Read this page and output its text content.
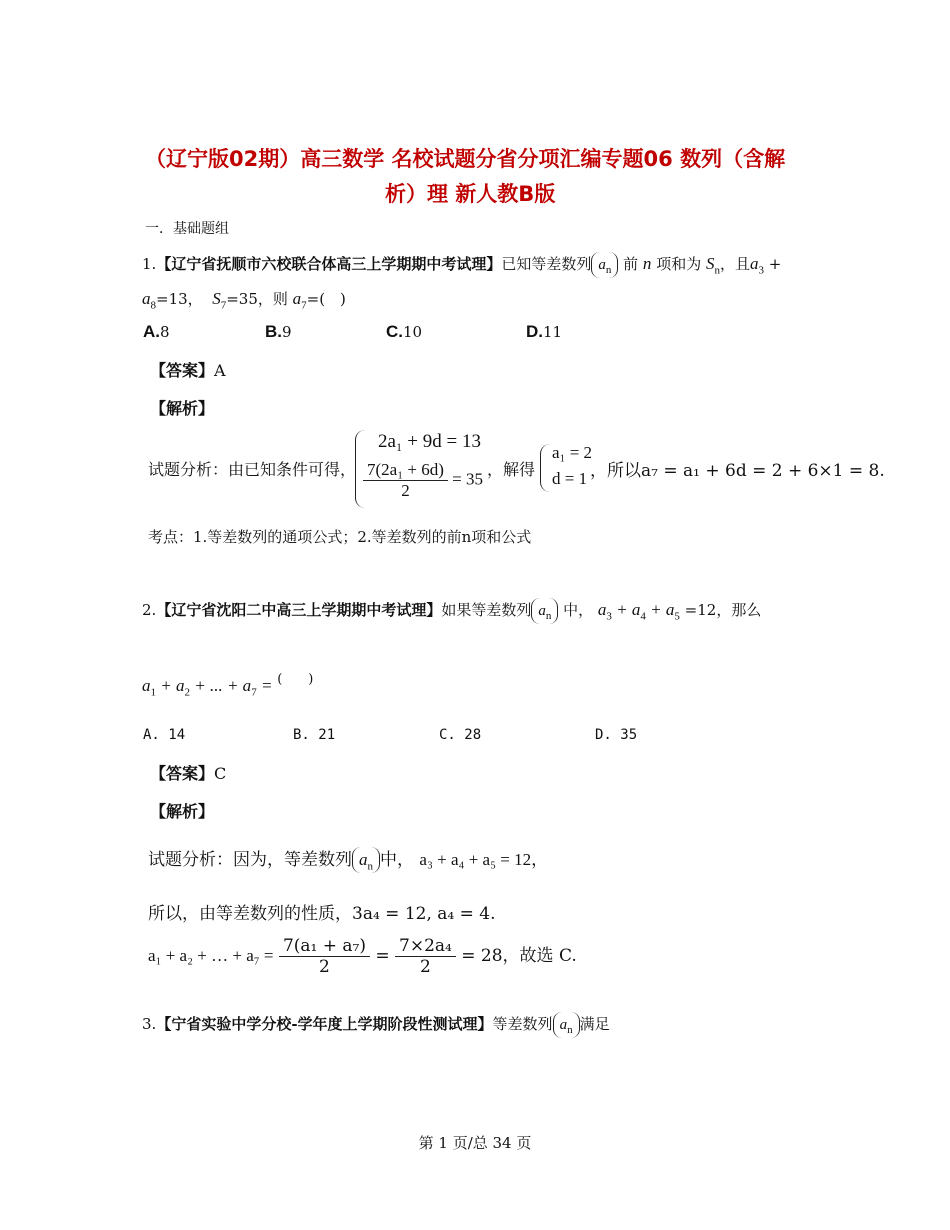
（辽宁版02期）高三数学 名校试题分省分项汇编专题06 数列（含解
析）理 新人教B版
一．基础题组
1.【辽宁省抚顺市六校联合体高三上学期期中考试理】已知等差数列 $a_n$ 前 n 项和为 $S_n$，且$a_3$ +
$a_8=13$， $S_7=35$，则 $a_7=$(　)
A.8	B.9	C.10	D.11
【答案】A
【解析】
试题分析：由已知条件可得，
2a₁ + 9d = 13
$\frac{\text{7(2a₁ + 6d)}}{2} = 35$ ，解得
a₁ = 2
d = 1 ，所以a₇ = a₁ + 6d = 2 + 6×1 = 8.
考点：1.等差数列的通项公式；2.等差数列的前n项和公式
2.【辽宁省沈阳二中高三上学期期中考试理】如果等差数列 $a_n$ 中， $a_3 + a_4 + a_5 =12$，那么
$a_1 + a_2$ + ... + $a_7$ = (　　)
A. 14	B. 21	C. 28	D. 35
【答案】C
【解析】
试题分析：因为，等差数列 $a_n$ 中， a₃ + a₄ + a₅ = 12，
所以，由等差数列的性质，3a₄ = 12, a₄ = 4.
a₁ + a₂ + … + $a_7 = \frac{\text{7(a₁ + a₇)}}{2} = \frac{\text{7×2a₄}}{2} = 28$，故选 C.
3.【宁省实验中学分校-学年度上学期阶段性测试理】等差数列 $a_n$ 满足
第 1 页/总 34 页
